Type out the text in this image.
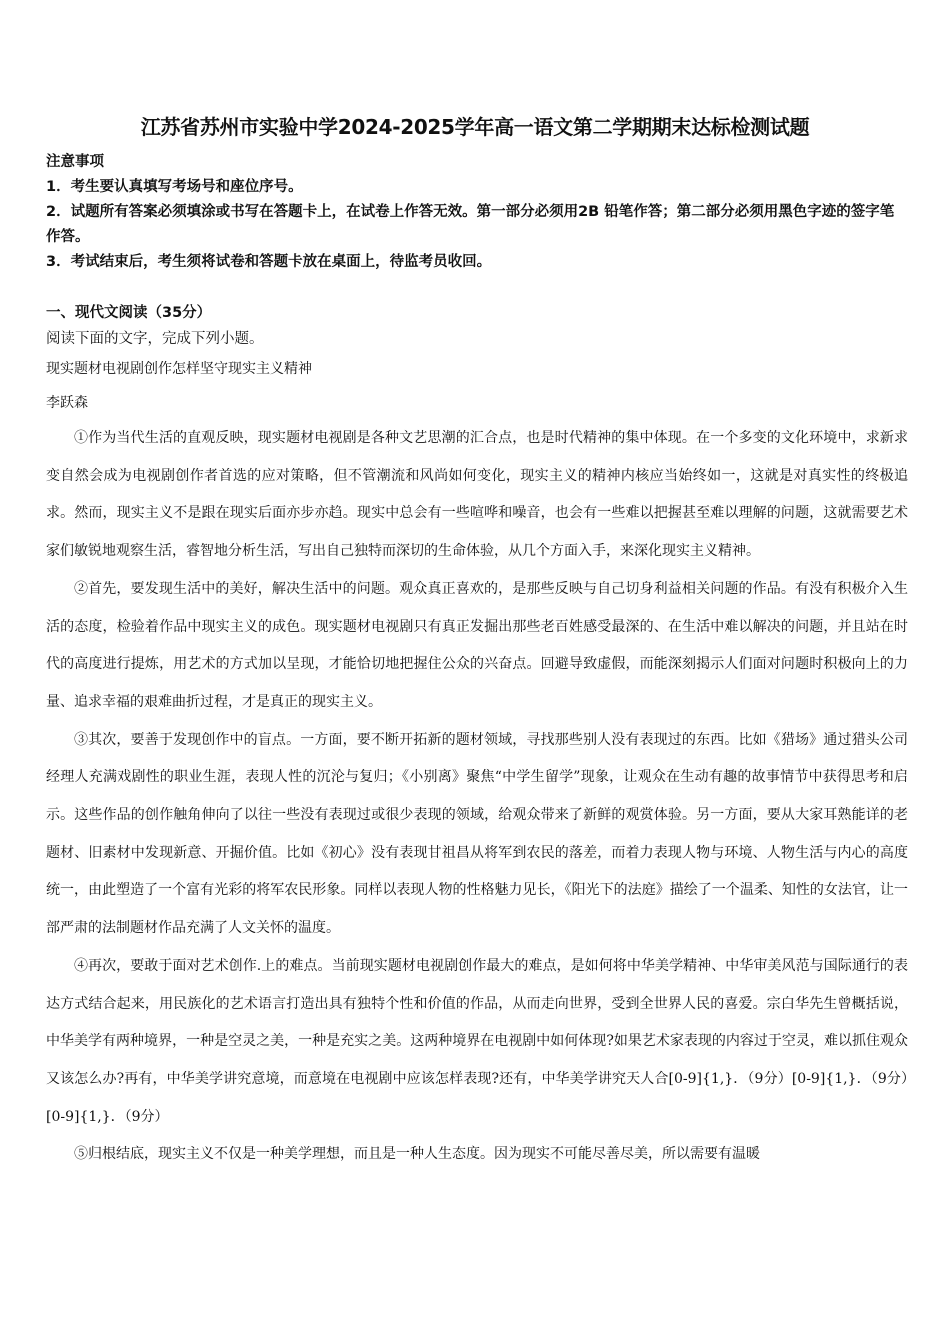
江苏省苏州市实验中学2024-2025学年高一语文第二学期期末达标检测试题
注意事项
1．考生要认真填写考场号和座位序号。
2．试题所有答案必须填涂或书写在答题卡上，在试卷上作答无效。第一部分必须用2B 铅笔作答；第二部分必须用黑色字迹的签字笔作答。
3．考试结束后，考生须将试卷和答题卡放在桌面上，待监考员收回。
一、现代文阅读（35分）
阅读下面的文字，完成下列小题。
现实题材电视剧创作怎样坚守现实主义精神
李跃森

①作为当代生活的直观反映，现实题材电视剧是各种文艺思潮的汇合点，也是时代精神的集中体现。在一个多变的文化环境中，求新求变自然会成为电视剧创作者首选的应对策略，但不管潮流和风尚如何变化，现实主义的精神内核应当始终如一，这就是对真实性的终极追求。然而，现实主义不是跟在现实后面亦步亦趋。现实中总会有一些喧哗和噪音，也会有一些难以把握甚至难以理解的问题，这就需要艺术家们敏锐地观察生活，睿智地分析生活，写出自己独特而深切的生命体验，从几个方面入手，来深化现实主义精神。

②首先，要发现生活中的美好，解决生活中的问题。观众真正喜欢的，是那些反映与自己切身利益相关问题的作品。有没有积极介入生活的态度，检验着作品中现实主义的成色。现实题材电视剧只有真正发掘出那些老百姓感受最深的、在生活中难以解决的问题，并且站在时代的高度进行提炼，用艺术的方式加以呈现，才能恰切地把握住公众的兴奋点。回避导致虚假，而能深刻揭示人们面对问题时积极向上的力量、追求幸福的艰难曲折过程，才是真正的现实主义。

③其次，要善于发现创作中的盲点。一方面，要不断开拓新的题材领域，寻找那些别人没有表现过的东西。比如《猎场》通过猎头公司经理人充满戏剧性的职业生涯，表现人性的沉沦与复归；《小别离》聚焦“中学生留学”现象，让观众在生动有趣的故事情节中获得思考和启示。这些作品的创作触角伸向了以往一些没有表现过或很少表现的领域，给观众带来了新鲜的观赏体验。另一方面，要从大家耳熟能详的老题材、旧素材中发现新意、开掘价值。比如《初心》没有表现甘祖昌从将军到农民的落差，而着力表现人物与环境、人物生活与内心的高度统一，由此塑造了一个富有光彩的将军农民形象。同样以表现人物的性格魅力见长，《阳光下的法庭》描绘了一个温柔、知性的女法官，让一部严肃的法制题材作品充满了人文关怀的温度。

④再次，要敢于面对艺术创作.上的难点。当前现实题材电视剧创作最大的难点，是如何将中华美学精神、中华审美风范与国际通行的表达方式结合起来，用民族化的艺术语言打造出具有独特个性和价值的作品，从而走向世界，受到全世界人民的喜爱。宗白华先生曾概括说，中华美学有两种境界，一种是空灵之美，一种是充实之美。这两种境界在电视剧中如何体现?如果艺术家表现的内容过于空灵，难以抓住观众又该怎么办?再有，中华美学讲究意境，而意境在电视剧中应该怎样表现?还有，中华美学讲究天人合[0-9]{1,}．（9分）[0-9]{1,}．（9分）[0-9]{1,}．（9分）

⑤归根结底，现实主义不仅是一种美学理想，而且是一种人生态度。因为现实不可能尽善尽美，所以需要有温暖
